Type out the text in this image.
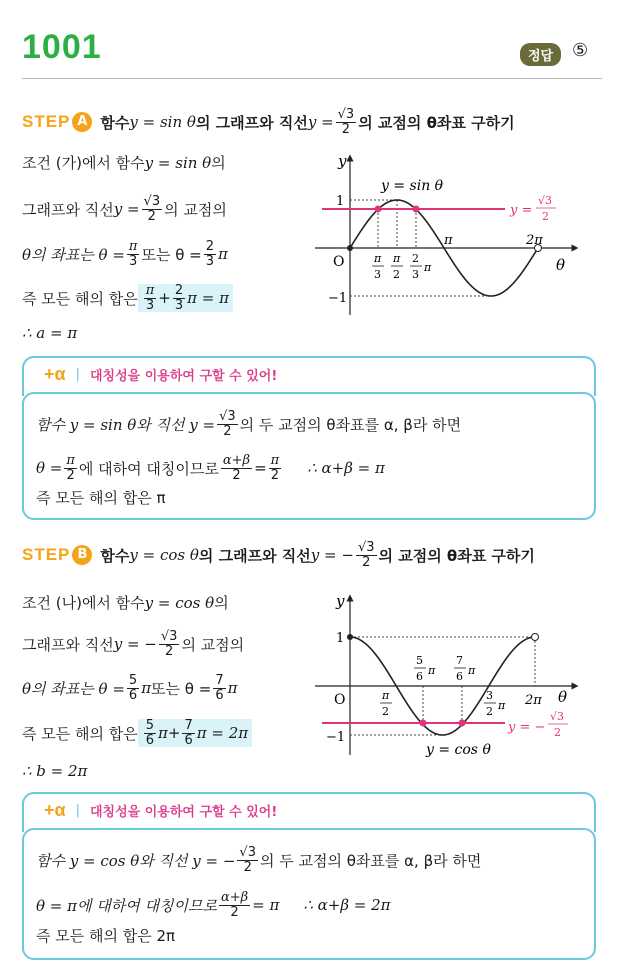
1001	정답	⑤
STEP A 함수 y = sin θ 의 그래프와 직선 $y = \frac{√3}{2}$ 의 교점의 θ좌표 구하기
조건 (가)에서 함수 y = sin θ 의
그래프와 직선 $y = \frac{√3}{2}$ 의 교점의
θ의 좌표는 $\theta = \frac{\pi}{3}$ 또는 $\theta = \frac{2}{3}$ π
즉 모든 해의 합은 $\frac{\pi}{3} + \frac{2}{3}$ π = π
∴ a = π
y
θ
O
1
−1
y = sin θ
π	2π
π
3
π
2
2
3
π
y =
√3
2
+α | 대칭성을 이용하여 구할 수 있어!
함수 y = sin θ와 직선 $y = \frac{√3}{2}$ 의 두 교점의 θ좌표를 α, β라 하면
$\theta = \frac{\pi}{2}$ 에 대하여 대칭이므로 $\frac{\alpha+\beta}{2} = \frac{\pi}{2}$ ∴ α+β = π
즉 모든 해의 합은 π
STEP B 함수 y = cos θ 의 그래프와 직선 y = − $\frac{√3}{2}$ 의 교점의 θ좌표 구하기
조건 (나)에서 함수 y = cos θ 의
그래프와 직선 y = − $\frac{√3}{2}$ 의 교점의
θ의 좌표는 $\theta = \frac{5}{6}$ π 또는 $\theta = \frac{7}{6}$ π
즉 모든 해의 합은 $\frac{5}{6}$ $\pi + \frac{7}{6}$ π = 2π
∴ b = 2π
y
θ
O
1
−1
y = cos θ
2π
π
2
5
6 π
7
6 π
3
2 π
y = −
√3
2
+α | 대칭성을 이용하여 구할 수 있어!
함수 y = cos θ와 직선 y = − $\frac{√3}{2}$ 의 두 교점의 θ좌표를 α, β라 하면
θ = π에 대하여 대칭이므로 $\frac{\alpha+\beta}{2} = \pi$ ∴ α+β = 2π
즉 모든 해의 합은 2π
